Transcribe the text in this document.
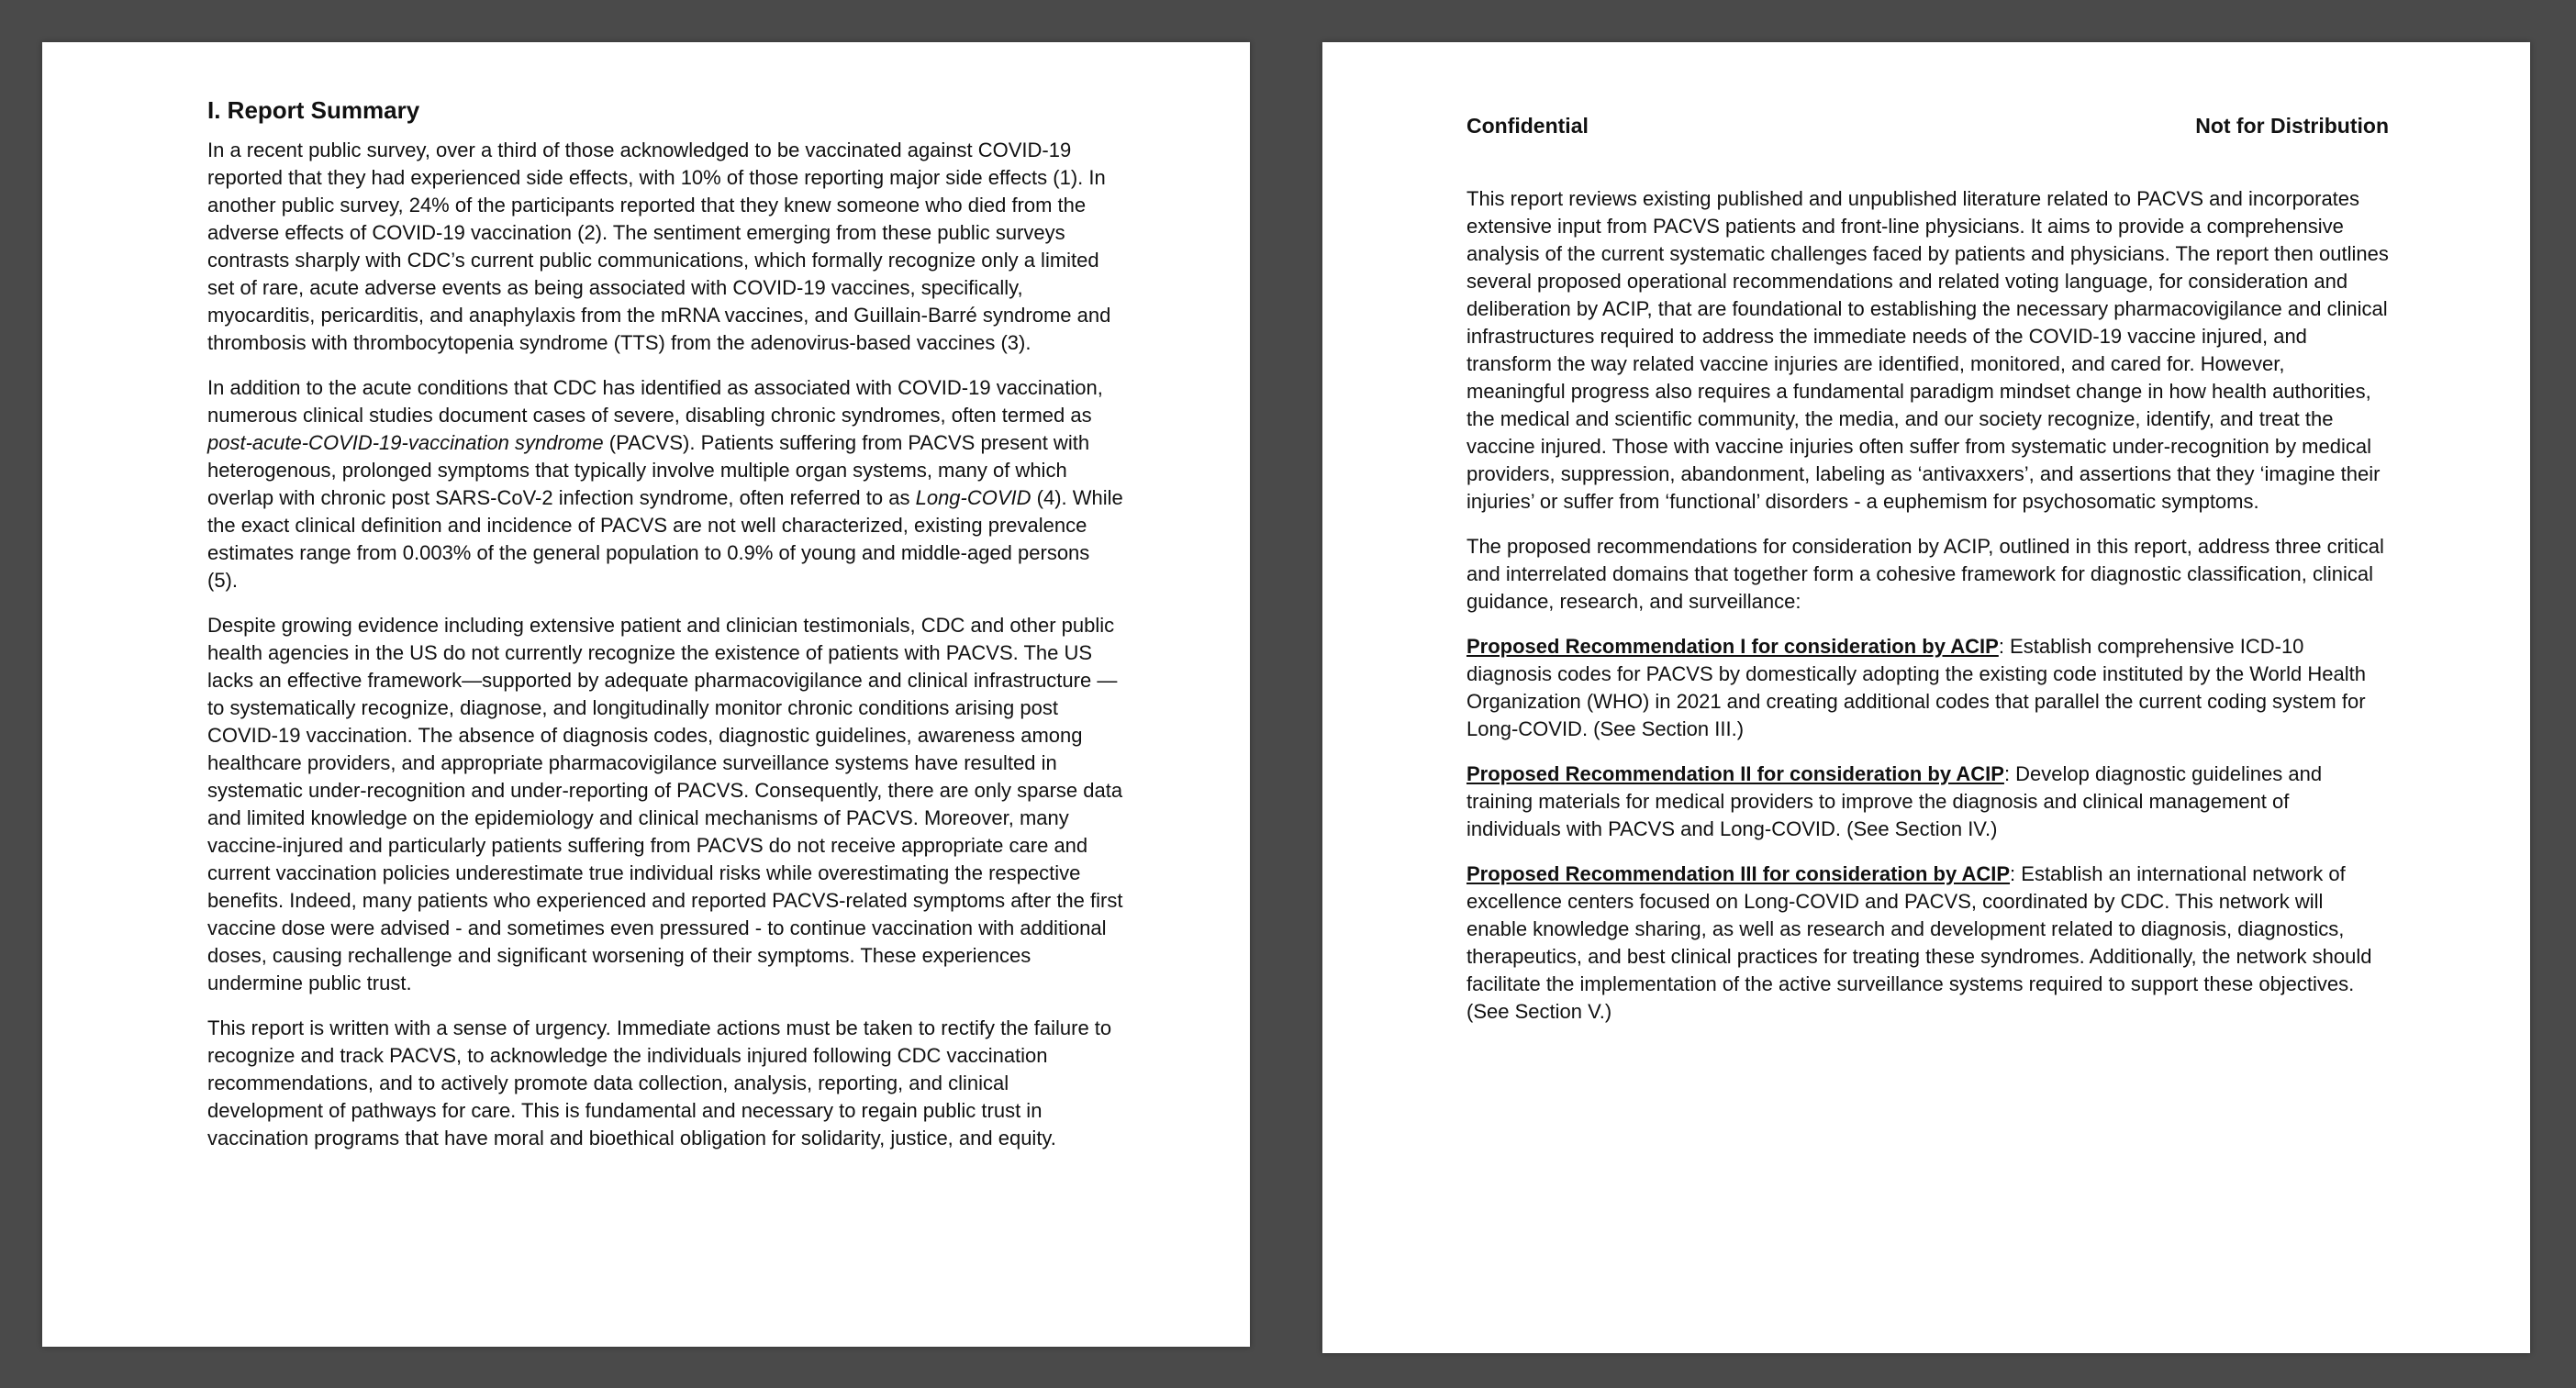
I. Report Summary

In a recent public survey, over a third of those acknowledged to be vaccinated against COVID-19 reported that they had experienced side effects, with 10% of those reporting major side effects (1). In another public survey, 24% of the participants reported that they knew someone who died from the adverse effects of COVID-19 vaccination (2). The sentiment emerging from these public surveys contrasts sharply with CDC’s current public communications, which formally recognize only a limited set of rare, acute adverse events as being associated with COVID-19 vaccines, specifically, myocarditis, pericarditis, and anaphylaxis from the mRNA vaccines, and Guillain-Barré syndrome and thrombosis with thrombocytopenia syndrome (TTS) from the adenovirus-based vaccines (3).

In addition to the acute conditions that CDC has identified as associated with COVID-19 vaccination, numerous clinical studies document cases of severe, disabling chronic syndromes, often termed as post-acute-COVID-19-vaccination syndrome (PACVS). Patients suffering from PACVS present with heterogenous, prolonged symptoms that typically involve multiple organ systems, many of which overlap with chronic post SARS-CoV-2 infection syndrome, often referred to as Long-COVID (4). While the exact clinical definition and incidence of PACVS are not well characterized, existing prevalence estimates range from 0.003% of the general population to 0.9% of young and middle-aged persons (5).

Despite growing evidence including extensive patient and clinician testimonials, CDC and other public health agencies in the US do not currently recognize the existence of patients with PACVS. The US lacks an effective framework—supported by adequate pharmacovigilance and clinical infrastructure — to systematically recognize, diagnose, and longitudinally monitor chronic conditions arising post COVID-19 vaccination. The absence of diagnosis codes, diagnostic guidelines, awareness among healthcare providers, and appropriate pharmacovigilance surveillance systems have resulted in systematic under-recognition and under-reporting of PACVS. Consequently, there are only sparse data and limited knowledge on the epidemiology and clinical mechanisms of PACVS. Moreover, many vaccine-injured and particularly patients suffering from PACVS do not receive appropriate care and current vaccination policies underestimate true individual risks while overestimating the respective benefits. Indeed, many patients who experienced and reported PACVS-related symptoms after the first vaccine dose were advised - and sometimes even pressured - to continue vaccination with additional doses, causing rechallenge and significant worsening of their symptoms. These experiences undermine public trust.

This report is written with a sense of urgency. Immediate actions must be taken to rectify the failure to recognize and track PACVS, to acknowledge the individuals injured following CDC vaccination recommendations, and to actively promote data collection, analysis, reporting, and clinical development of pathways for care. This is fundamental and necessary to regain public trust in vaccination programs that have moral and bioethical obligation for solidarity, justice, and equity.

Confidential	Not for Distribution

This report reviews existing published and unpublished literature related to PACVS and incorporates extensive input from PACVS patients and front-line physicians. It aims to provide a comprehensive analysis of the current systematic challenges faced by patients and physicians. The report then outlines several proposed operational recommendations and related voting language, for consideration and deliberation by ACIP, that are foundational to establishing the necessary pharmacovigilance and clinical infrastructures required to address the immediate needs of the COVID-19 vaccine injured, and transform the way related vaccine injuries are identified, monitored, and cared for. However, meaningful progress also requires a fundamental paradigm mindset change in how health authorities, the medical and scientific community, the media, and our society recognize, identify, and treat the vaccine injured. Those with vaccine injuries often suffer from systematic under-recognition by medical providers, suppression, abandonment, labeling as ‘antivaxxers’, and assertions that they ‘imagine their injuries’ or suffer from ‘functional’ disorders - a euphemism for psychosomatic symptoms.

The proposed recommendations for consideration by ACIP, outlined in this report, address three critical and interrelated domains that together form a cohesive framework for diagnostic classification, clinical guidance, research, and surveillance:

Proposed Recommendation I for consideration by ACIP: Establish comprehensive ICD-10 diagnosis codes for PACVS by domestically adopting the existing code instituted by the World Health Organization (WHO) in 2021 and creating additional codes that parallel the current coding system for Long-COVID. (See Section III.)

Proposed Recommendation II for consideration by ACIP: Develop diagnostic guidelines and training materials for medical providers to improve the diagnosis and clinical management of individuals with PACVS and Long-COVID. (See Section IV.)

Proposed Recommendation III for consideration by ACIP: Establish an international network of excellence centers focused on Long-COVID and PACVS, coordinated by CDC. This network will enable knowledge sharing, as well as research and development related to diagnosis, diagnostics, therapeutics, and best clinical practices for treating these syndromes. Additionally, the network should facilitate the implementation of the active surveillance systems required to support these objectives. (See Section V.)
